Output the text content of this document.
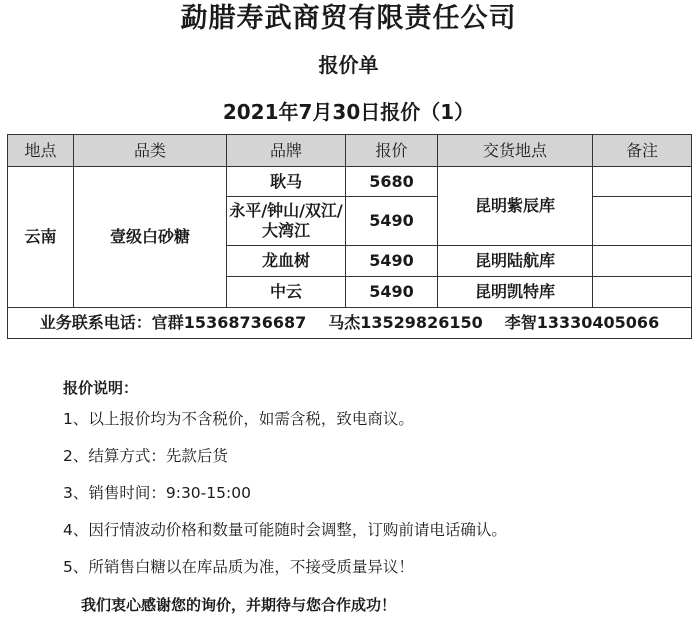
勐腊寿武商贸有限责任公司
报价单
2021年7月30日报价（1）
地点	品类	品牌	报价	交货地点	备注
云南	壹级白砂糖	耿马	5680	昆明紫辰库	
		永平/钟山/双江/大湾江	5490		
		龙血树	5490	昆明陆航库	
		中云	5490	昆明凯特库	
业务联系电话：官群15368736687 马杰13529826150 李智13330405066					
报价说明：
1、以上报价均为不含税价，如需含税，致电商议。
2、结算方式：先款后货
3、销售时间：9:30-15:00
4、因行情波动价格和数量可能随时会调整，订购前请电话确认。
5、所销售白糖以在库品质为准，不接受质量异议！
我们衷心感谢您的询价，并期待与您合作成功！
